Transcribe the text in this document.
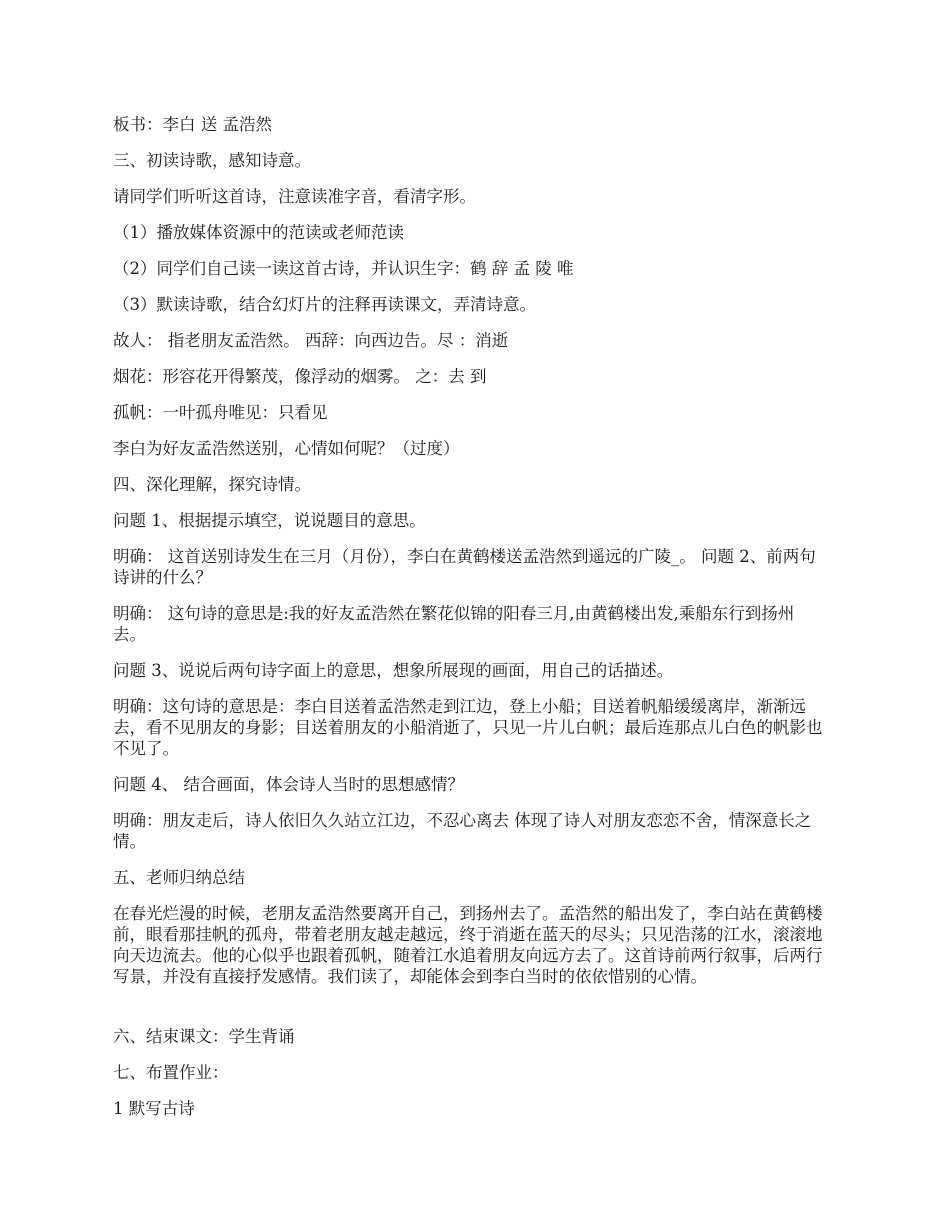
板书：李白 送 孟浩然
三、初读诗歌，感知诗意。
请同学们听听这首诗，注意读准字音，看清字形。
（1）播放媒体资源中的范读或老师范读
（2）同学们自己读一读这首古诗，并认识生字：鹤 辞 孟 陵 唯
（3）默读诗歌，结合幻灯片的注释再读课文，弄清诗意。
故人： 指老朋友孟浩然。 西辞：向西边告。尽 ：消逝
烟花：形容花开得繁茂，像浮动的烟雾。 之：去 到
孤帆：一叶孤舟唯见：只看见
李白为好友孟浩然送别，心情如何呢？（过度）
四、深化理解，探究诗情。
问题 1、根据提示填空，说说题目的意思。
明确： 这首送别诗发生在三月（月份），李白在黄鹤楼送孟浩然到遥远的广陵_。 问题 2、前两句诗讲的什么？
明确： 这句诗的意思是:我的好友孟浩然在繁花似锦的阳春三月,由黄鹤楼出发,乘船东行到扬州去。
问题 3、说说后两句诗字面上的意思，想象所展现的画面，用自己的话描述。
明确：这句诗的意思是：李白目送着孟浩然走到江边，登上小船；目送着帆船缓缓离岸，渐渐远去，看不见朋友的身影；目送着朋友的小船消逝了，只见一片儿白帆；最后连那点儿白色的帆影也不见了。
问题 4、 结合画面，体会诗人当时的思想感情？
明确：朋友走后，诗人依旧久久站立江边，不忍心离去 体现了诗人对朋友恋恋不舍，情深意长之情。
五、老师归纳总结
在春光烂漫的时候，老朋友孟浩然要离开自己，到扬州去了。孟浩然的船出发了，李白站在黄鹤楼前，眼看那挂帆的孤舟，带着老朋友越走越远，终于消逝在蓝天的尽头；只见浩荡的江水，滚滚地向天边流去。他的心似乎也跟着孤帆，随着江水追着朋友向远方去了。这首诗前两行叙事，后两行写景，并没有直接抒发感情。我们读了，却能体会到李白当时的依依惜别的心情。
六、结束课文：学生背诵
七、布置作业：
1 默写古诗
